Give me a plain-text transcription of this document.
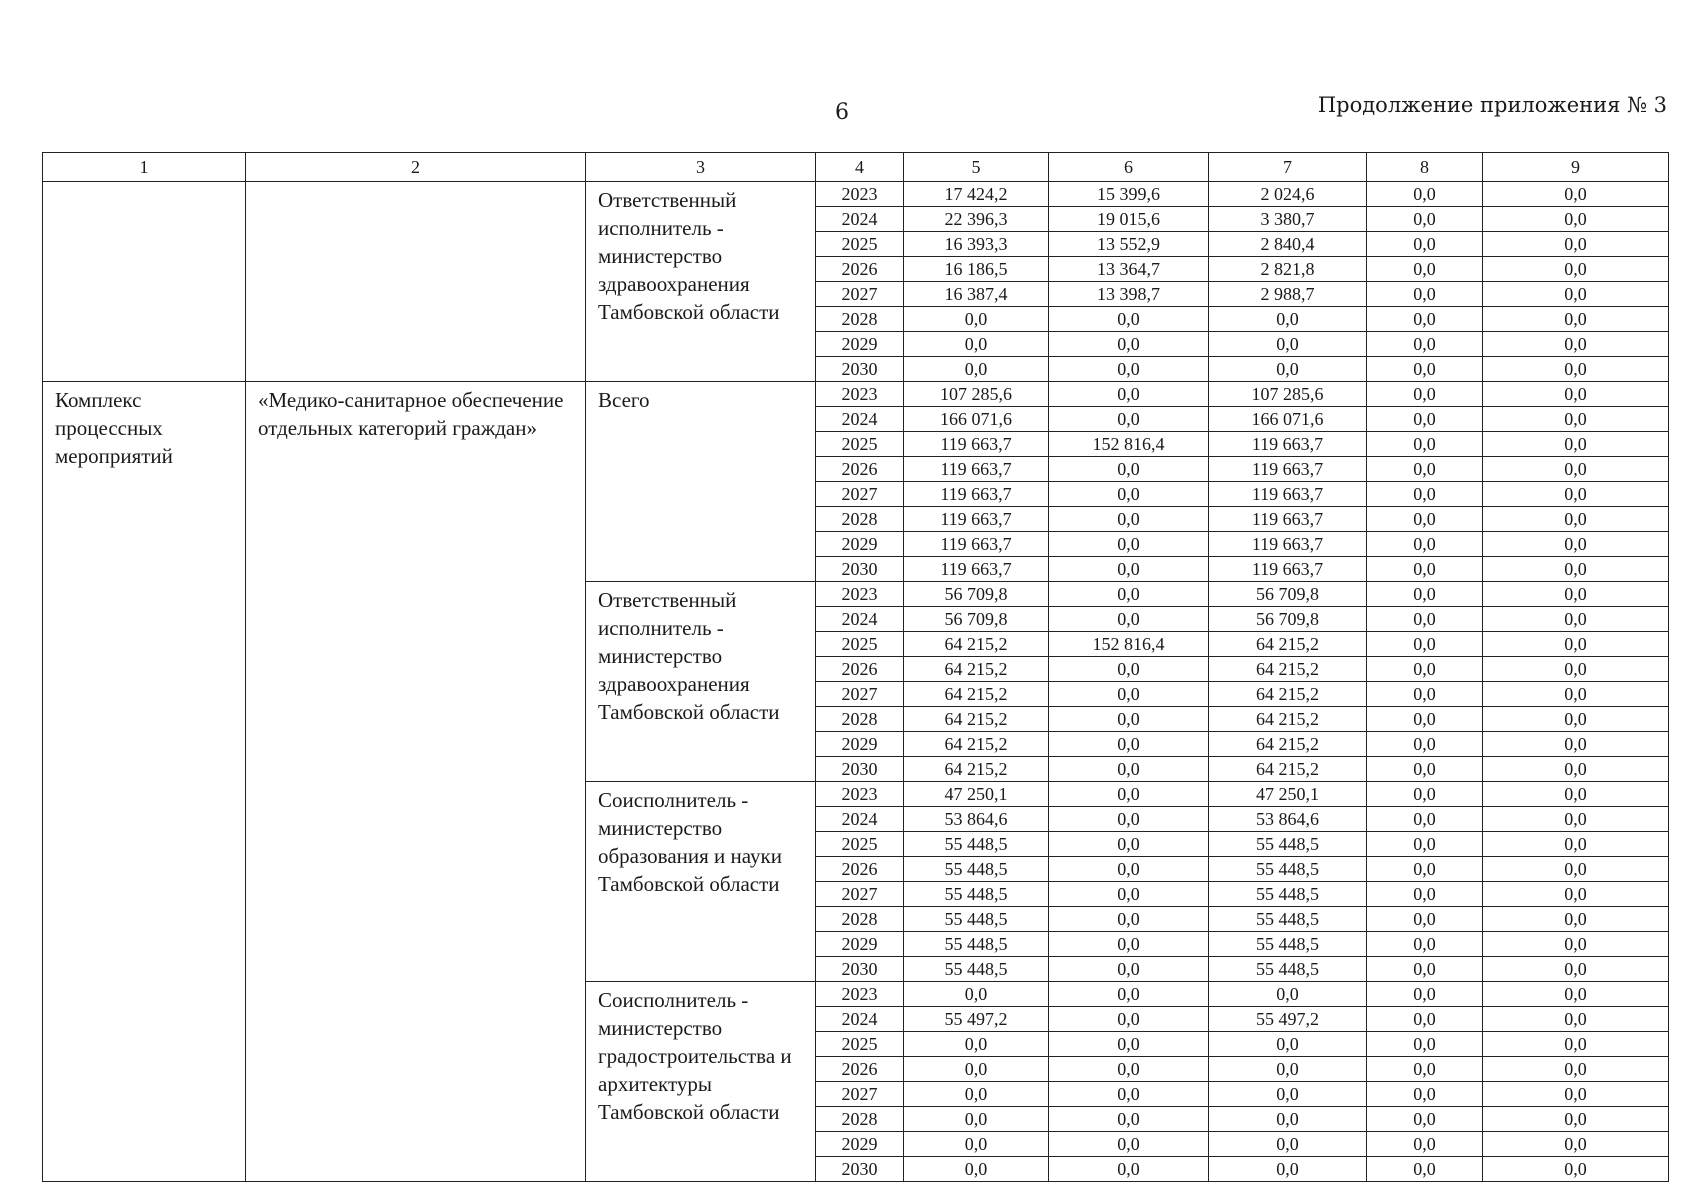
6	Продолжение приложения № 3
1	2	3	4	5	6	7	8	9
		Ответственный исполнитель - министерство здравоохранения Тамбовской области	2023	17 424,2	15 399,6	2 024,6	0,0	0,0
			2024	22 396,3	19 015,6	3 380,7	0,0	0,0
			2025	16 393,3	13 552,9	2 840,4	0,0	0,0
			2026	16 186,5	13 364,7	2 821,8	0,0	0,0
			2027	16 387,4	13 398,7	2 988,7	0,0	0,0
			2028	0,0	0,0	0,0	0,0	0,0
			2029	0,0	0,0	0,0	0,0	0,0
			2030	0,0	0,0	0,0	0,0	0,0
Комплекс процессных мероприятий	«Медико-санитарное обеспечение отдельных категорий граждан»	Всего	2023	107 285,6	0,0	107 285,6	0,0	0,0
			2024	166 071,6	0,0	166 071,6	0,0	0,0
			2025	119 663,7	152 816,4	119 663,7	0,0	0,0
			2026	119 663,7	0,0	119 663,7	0,0	0,0
			2027	119 663,7	0,0	119 663,7	0,0	0,0
			2028	119 663,7	0,0	119 663,7	0,0	0,0
			2029	119 663,7	0,0	119 663,7	0,0	0,0
			2030	119 663,7	0,0	119 663,7	0,0	0,0
		Ответственный исполнитель - министерство здравоохранения Тамбовской области	2023	56 709,8	0,0	56 709,8	0,0	0,0
			2024	56 709,8	0,0	56 709,8	0,0	0,0
			2025	64 215,2	152 816,4	64 215,2	0,0	0,0
			2026	64 215,2	0,0	64 215,2	0,0	0,0
			2027	64 215,2	0,0	64 215,2	0,0	0,0
			2028	64 215,2	0,0	64 215,2	0,0	0,0
			2029	64 215,2	0,0	64 215,2	0,0	0,0
			2030	64 215,2	0,0	64 215,2	0,0	0,0
		Соисполнитель - министерство образования и науки Тамбовской области	2023	47 250,1	0,0	47 250,1	0,0	0,0
			2024	53 864,6	0,0	53 864,6	0,0	0,0
			2025	55 448,5	0,0	55 448,5	0,0	0,0
			2026	55 448,5	0,0	55 448,5	0,0	0,0
			2027	55 448,5	0,0	55 448,5	0,0	0,0
			2028	55 448,5	0,0	55 448,5	0,0	0,0
			2029	55 448,5	0,0	55 448,5	0,0	0,0
			2030	55 448,5	0,0	55 448,5	0,0	0,0
		Соисполнитель - министерство градостроительства и архитектуры Тамбовской области	2023	0,0	0,0	0,0	0,0	0,0
			2024	55 497,2	0,0	55 497,2	0,0	0,0
			2025	0,0	0,0	0,0	0,0	0,0
			2026	0,0	0,0	0,0	0,0	0,0
			2027	0,0	0,0	0,0	0,0	0,0
			2028	0,0	0,0	0,0	0,0	0,0
			2029	0,0	0,0	0,0	0,0	0,0
			2030	0,0	0,0	0,0	0,0	0,0
